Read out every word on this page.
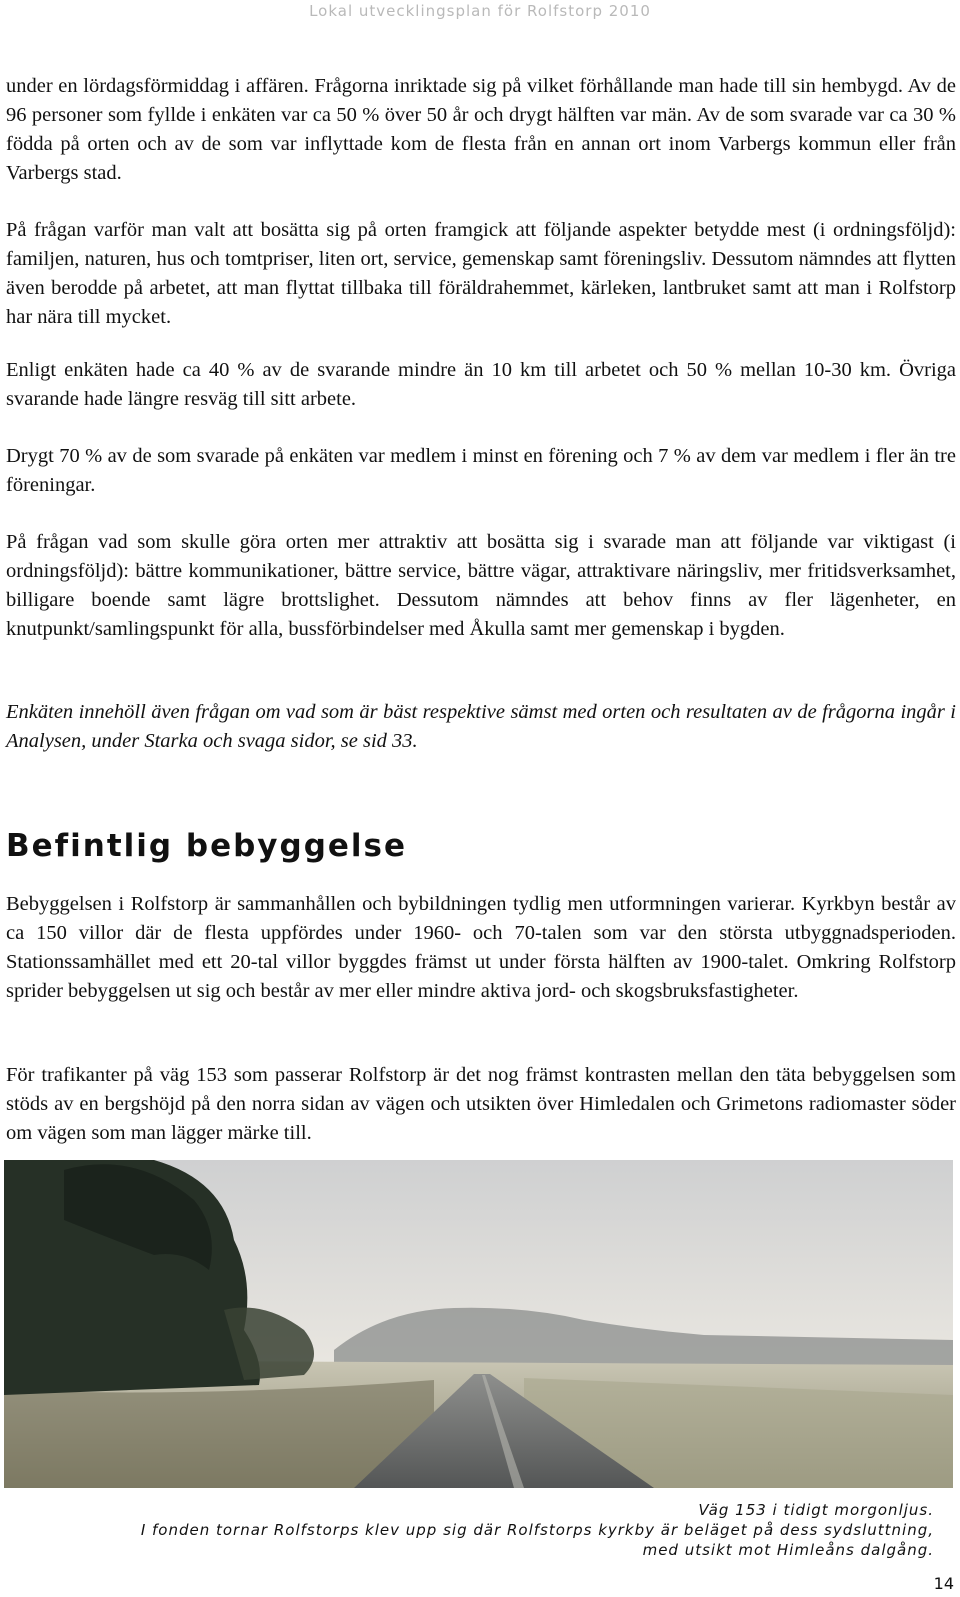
Lokal utvecklingsplan för Rolfstorp 2010

under en lördagsförmiddag i affären. Frågorna inriktade sig på vilket förhållande man hade till sin hembygd. Av de 96 personer som fyllde i enkäten var ca 50 % över 50 år och drygt hälften var män. Av de som svarade var ca 30 % födda på orten och av de som var inflyttade kom de flesta från en annan ort inom Varbergs kommun eller från Varbergs stad.

På frågan varför man valt att bosätta sig på orten framgick att följande aspekter betydde mest (i ordningsföljd): familjen, naturen, hus och tomtpriser, liten ort, service, gemenskap samt föreningsliv. Dessutom nämndes att flytten även berodde på arbetet, att man flyttat tillbaka till föräldrahemmet, kärleken, lantbruket samt att man i Rolfstorp har nära till mycket.

Enligt enkäten hade ca 40 % av de svarande mindre än 10 km till arbetet och 50 % mellan 10-30 km. Övriga svarande hade längre resväg till sitt arbete.

Drygt 70 % av de som svarade på enkäten var medlem i minst en förening och 7 % av dem var medlem i fler än tre föreningar.

På frågan vad som skulle göra orten mer attraktiv att bosätta sig i svarade man att följande var viktigast (i ordningsföljd): bättre kommunikationer, bättre service, bättre vägar, attraktivare näringsliv, mer fritidsverksamhet, billigare boende samt lägre brottslighet. Dessutom nämndes att behov finns av fler lägenheter, en knutpunkt/samlingspunkt för alla, bussförbindelser med Åkulla samt mer gemenskap i bygden.

Enkäten innehöll även frågan om vad som är bäst respektive sämst med orten och resultaten av de frågorna ingår i Analysen, under Starka och svaga sidor, se sid 33.

Befintlig bebyggelse

Bebyggelsen i Rolfstorp är sammanhållen och bybildningen tydlig men utformningen varierar. Kyrkbyn består av ca 150 villor där de flesta uppfördes under 1960- och 70-talen som var den största utbyggnadsperioden. Stationssamhället med ett 20-tal villor byggdes främst ut under första hälften av 1900-talet. Omkring Rolfstorp sprider bebyggelsen ut sig och består av mer eller mindre aktiva jord- och skogsbruksfastigheter.

För trafikanter på väg 153 som passerar Rolfstorp är det nog främst kontrasten mellan den täta bebyggelsen som stöds av en bergshöjd på den norra sidan av vägen och utsikten över Himledalen och Grimetons radiomaster söder om vägen som man lägger märke till.

Väg 153 i tidigt morgonljus.
I fonden tornar Rolfstorps klev upp sig där Rolfstorps kyrkby är beläget på dess sydsluttning,
med utsikt mot Himleåns dalgång.
14
